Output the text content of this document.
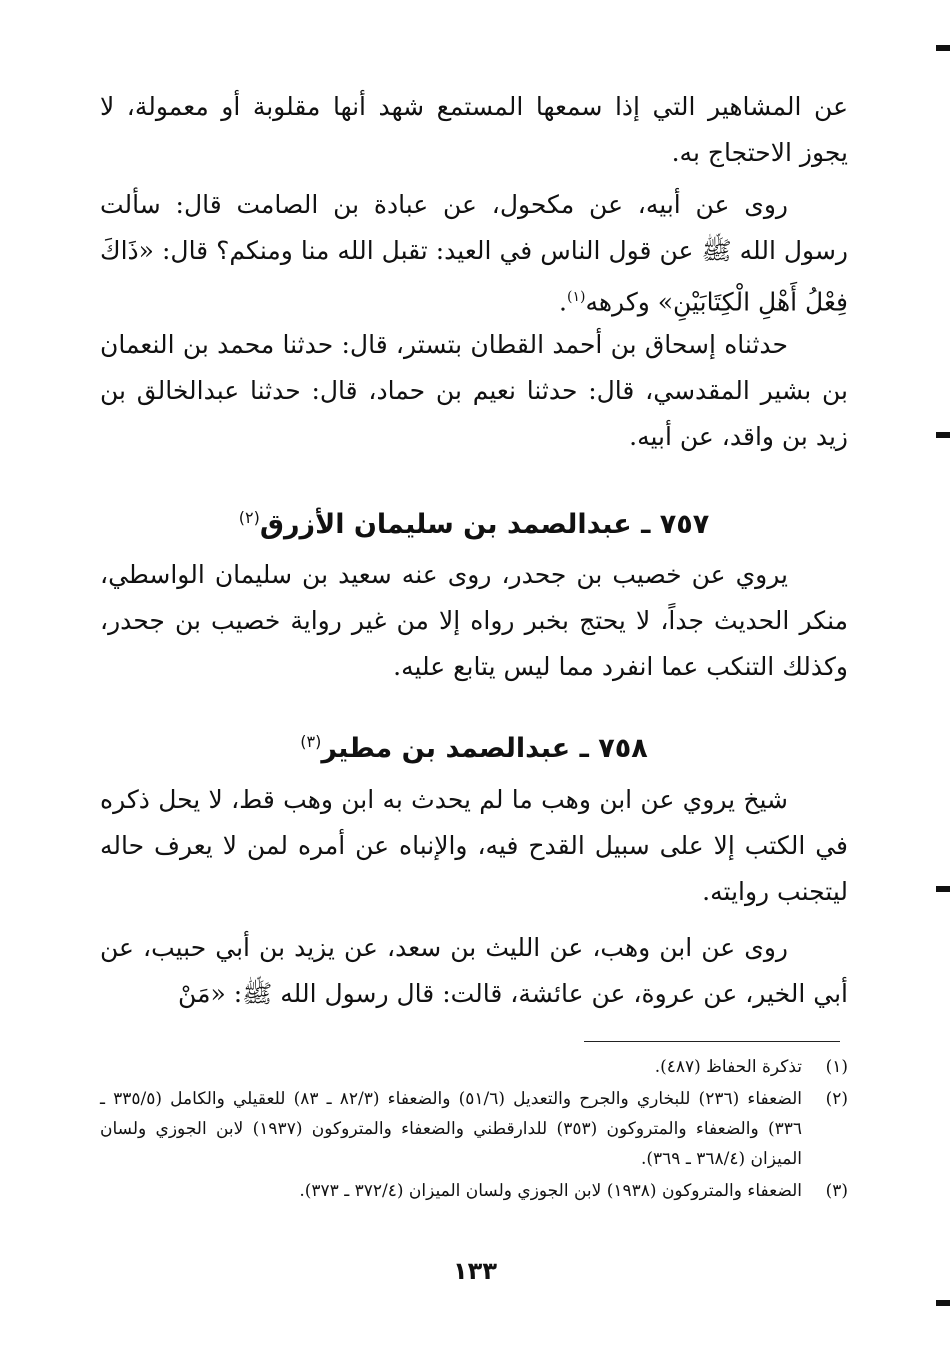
عن المشاهير التي إذا سمعها المستمع شهد أنها مقلوبة أو معمولة، لا يجوز الاحتجاج به.

روى عن أبيه، عن مكحول، عن عبادة بن الصامت قال: سألت رسول الله ﷺ عن قول الناس في العيد: تقبل الله منا ومنكم؟ قال: «ذَاكَ فِعْلُ أَهْلِ الْكِتَابَيْنِ» وكرهه$^{(١)}$.

حدثناه إسحاق بن أحمد القطان بتستر، قال: حدثنا محمد بن النعمان بن بشير المقدسي، قال: حدثنا نعيم بن حماد، قال: حدثنا عبدالخالق بن زيد بن واقد، عن أبيه.

٧٥٧ ـ عبدالصمد بن سليمان الأزرق$^{(٢)}$

يروي عن خصيب بن جحدر، روى عنه سعيد بن سليمان الواسطي، منكر الحديث جداً، لا يحتج بخبر رواه إلا من غير رواية خصيب بن جحدر، وكذلك التنكب عما انفرد مما ليس يتابع عليه.

٧٥٨ ـ عبدالصمد بن مطير$^{(٣)}$

شيخ يروي عن ابن وهب ما لم يحدث به ابن وهب قط، لا يحل ذكره في الكتب إلا على سبيل القدح فيه، والإنباه عن أمره لمن لا يعرف حاله ليتجنب روايته.

روى عن ابن وهب، عن الليث بن سعد، عن يزيد بن أبي حبيب، عن أبي الخير، عن عروة، عن عائشة، قالت: قال رسول الله ﷺ: «مَنْ

(١)
تذكرة الحفاظ (٤٨٧).
(٢)
الضعفاء (٢٣٦) للبخاري والجرح والتعديل (٥١/٦) والضعفاء (٨٢/٣ ـ ٨٣) للعقيلي والكامل (٣٣٥/٥ ـ ٣٣٦) والضعفاء والمتروكون (٣٥٣) للدارقطني والضعفاء والمتروكون (١٩٣٧) لابن الجوزي ولسان الميزان (٣٦٨/٤ ـ ٣٦٩).
(٣)
الضعفاء والمتروكون (١٩٣٨) لابن الجوزي ولسان الميزان (٣٧٢/٤ ـ ٣٧٣).
١٣٣
